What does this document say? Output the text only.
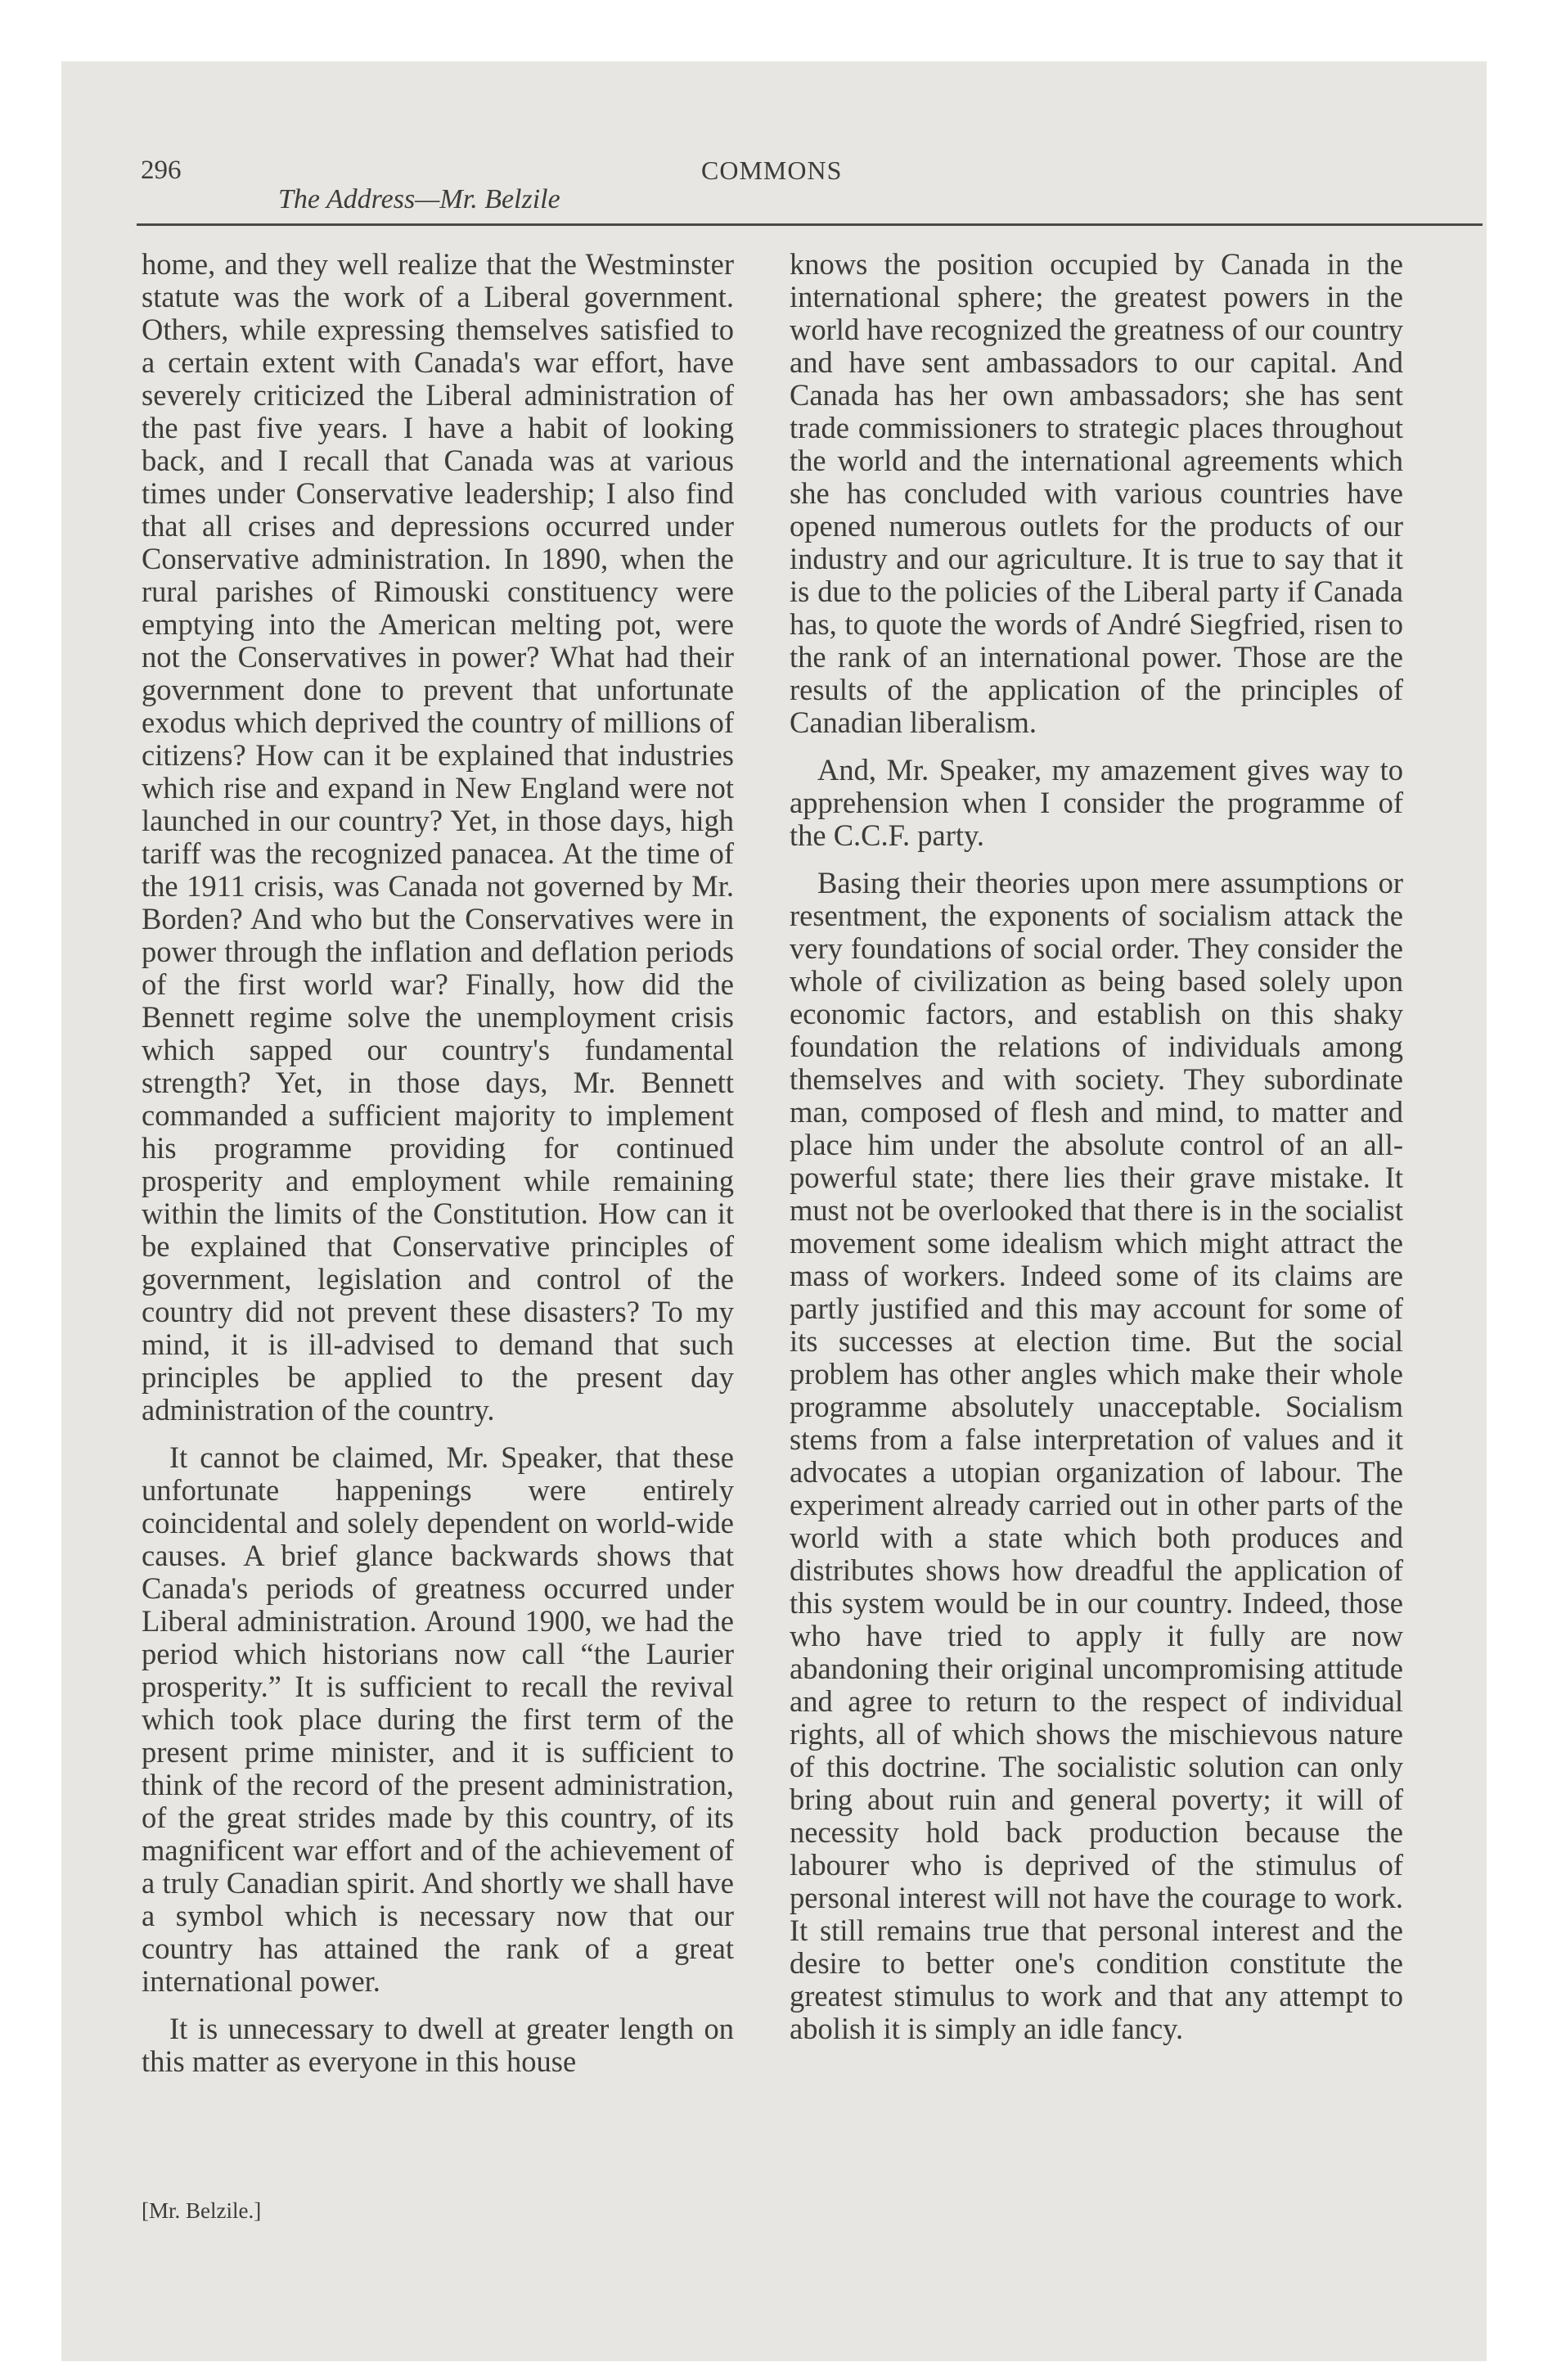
296	COMMONS
The Address—Mr. Belzile

home, and they well realize that the Westminster statute was the work of a Liberal government. Others, while expressing themselves satisfied to a certain extent with Canada's war effort, have severely criticized the Liberal administration of the past five years. I have a habit of looking back, and I recall that Canada was at various times under Conservative leadership; I also find that all crises and depressions occurred under Conservative administration. In 1890, when the rural parishes of Rimouski constituency were emptying into the American melting pot, were not the Conservatives in power? What had their government done to prevent that unfortunate exodus which deprived the country of millions of citizens? How can it be explained that industries which rise and expand in New England were not launched in our country? Yet, in those days, high tariff was the recognized panacea. At the time of the 1911 crisis, was Canada not governed by Mr. Borden? And who but the Conservatives were in power through the inflation and deflation periods of the first world war? Finally, how did the Bennett regime solve the unemployment crisis which sapped our country's fundamental strength? Yet, in those days, Mr. Bennett commanded a sufficient majority to implement his programme providing for continued prosperity and employment while remaining within the limits of the Constitution. How can it be explained that Conservative principles of government, legislation and control of the country did not prevent these disasters? To my mind, it is ill-advised to demand that such principles be applied to the present day administration of the country.

It cannot be claimed, Mr. Speaker, that these unfortunate happenings were entirely coincidental and solely dependent on world-wide causes. A brief glance backwards shows that Canada's periods of greatness occurred under Liberal administration. Around 1900, we had the period which historians now call “the Laurier prosperity.” It is sufficient to recall the revival which took place during the first term of the present prime minister, and it is sufficient to think of the record of the present administration, of the great strides made by this country, of its magnificent war effort and of the achievement of a truly Canadian spirit. And shortly we shall have a symbol which is necessary now that our country has attained the rank of a great international power.

It is unnecessary to dwell at greater length on this matter as everyone in this house

knows the position occupied by Canada in the international sphere; the greatest powers in the world have recognized the greatness of our country and have sent ambassadors to our capital. And Canada has her own ambassadors; she has sent trade commissioners to strategic places throughout the world and the international agreements which she has concluded with various countries have opened numerous outlets for the products of our industry and our agriculture. It is true to say that it is due to the policies of the Liberal party if Canada has, to quote the words of André Siegfried, risen to the rank of an international power. Those are the results of the application of the principles of Canadian liberalism.

And, Mr. Speaker, my amazement gives way to apprehension when I consider the programme of the C.C.F. party.

Basing their theories upon mere assumptions or resentment, the exponents of socialism attack the very foundations of social order. They consider the whole of civilization as being based solely upon economic factors, and establish on this shaky foundation the relations of individuals among themselves and with society. They subordinate man, composed of flesh and mind, to matter and place him under the absolute control of an all-powerful state; there lies their grave mistake. It must not be overlooked that there is in the socialist movement some idealism which might attract the mass of workers. Indeed some of its claims are partly justified and this may account for some of its successes at election time. But the social problem has other angles which make their whole programme absolutely unacceptable. Socialism stems from a false interpretation of values and it advocates a utopian organization of labour. The experiment already carried out in other parts of the world with a state which both produces and distributes shows how dreadful the application of this system would be in our country. Indeed, those who have tried to apply it fully are now abandoning their original uncompromising attitude and agree to return to the respect of individual rights, all of which shows the mischievous nature of this doctrine. The socialistic solution can only bring about ruin and general poverty; it will of necessity hold back production because the labourer who is deprived of the stimulus of personal interest will not have the courage to work. It still remains true that personal interest and the desire to better one's condition constitute the greatest stimulus to work and that any attempt to abolish it is simply an idle fancy.

[Mr. Belzile.]
